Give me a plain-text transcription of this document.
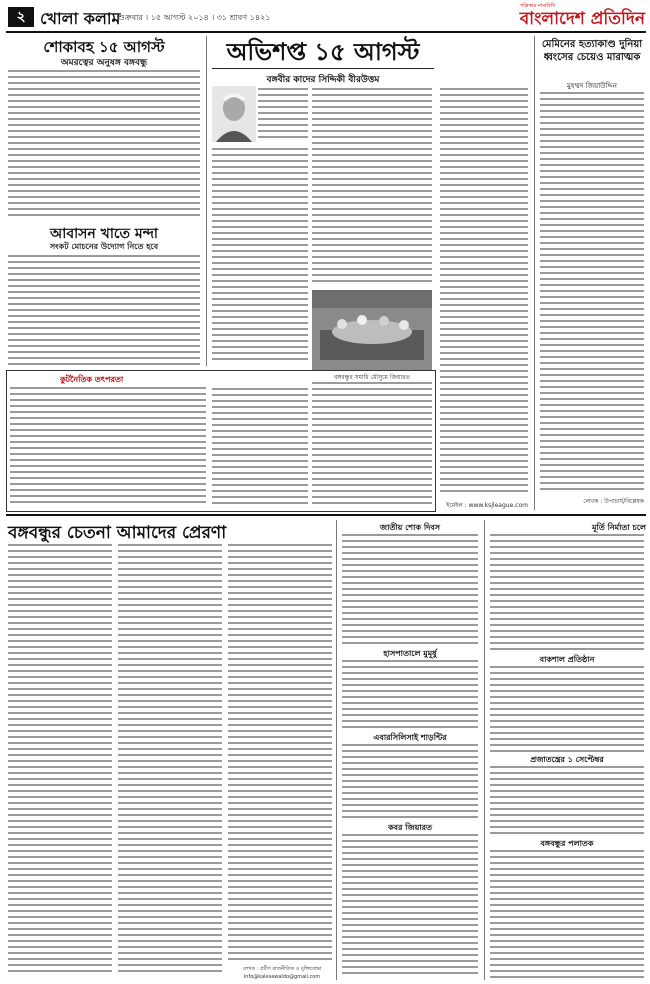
২ খোলা কলাম
শুক্রবার । ১৫ আগস্ট ২০১৪ । ৩১ শ্রাবণ ১৪২১
পত্রিকার নামাবিধি
বাংলাদেশ প্রতিদিন
শোকাবহ ১৫ আগস্ট
অমরত্বের অনুষঙ্গ বঙ্গবন্ধু
আবাসন খাতে মন্দা
সংকট মোচনের উদ্যোগ নিতে হবে
কুটনৈতিক তৎপরতা
অভিশপ্ত ১৫ আগস্ট
বঙ্গবীর কাদের সিদ্দিকী বীরউত্তম
বঙ্গবন্ধুর সমাধি মৌসুমে জিয়ারত
ইমেইল : www.ksjleague.com
মেমিনের হত্যাকাণ্ড দুনিয়া ধ্বংসের চেয়েও মারাত্মক
মুহম্মদ জিয়াউদ্দিন
লেখক : উপাচার্য/বিশ্লেষক
বঙ্গবন্ধুর চেতনা আমাদের প্রেরণা
লেখক : প্রবীণ রাজনীতিক ও মুক্তিযোদ্ধা
Info@kalesawaldo@gmail.com
জাতীয় শোক দিবস
হাসপাতালে মুমূর্ষু
এবারসিলিসাই শাড়ন্টির
কবর জিয়ারত
মূর্তি নির্মাতা চলে
বাকশাল প্রতিষ্ঠান
প্রজাতন্ত্রের ১ সেপ্টেম্বর
বঙ্গবন্ধুর পলাতক
